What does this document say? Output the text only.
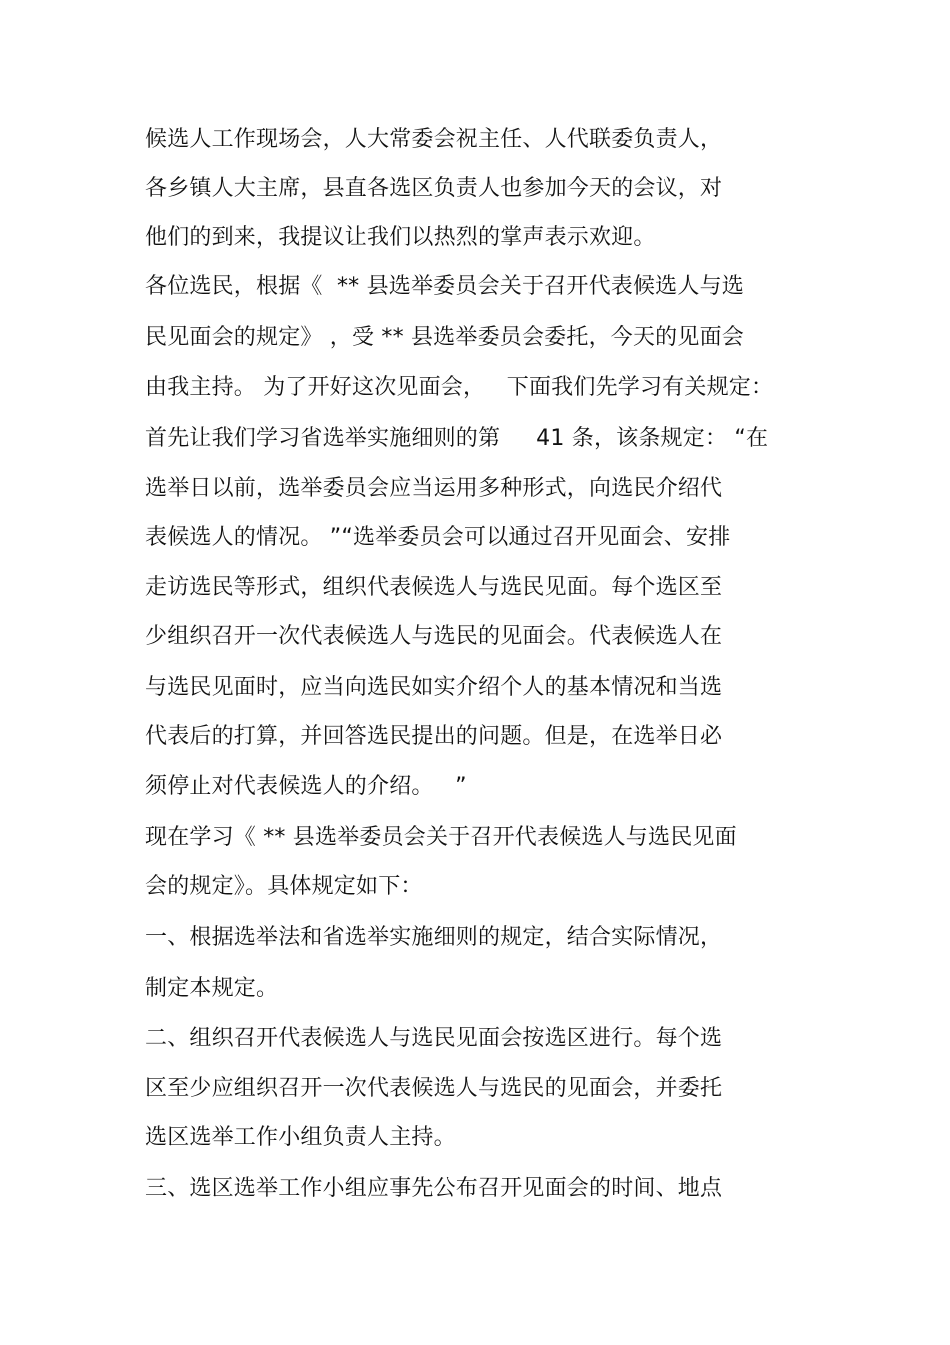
候选人工作现场会，人大常委会祝主任、人代联委负责人，
各乡镇人大主席，县直各选区负责人也参加今天的会议，对
他们的到来，我提议让我们以热烈的掌声表示欢迎。
各位选民，根据《  ** 县选举委员会关于召开代表候选人与选
民见面会的规定》 ，受 ** 县选举委员会委托，今天的见面会
由我主持。 为了开好这次见面会，   下面我们先学习有关规定：
首先让我们学习省选举实施细则的第     41 条，该条规定： “在
选举日以前，选举委员会应当运用多种形式，向选民介绍代
表候选人的情况。 ”“选举委员会可以通过召开见面会、安排
走访选民等形式，组织代表候选人与选民见面。每个选区至
少组织召开一次代表候选人与选民的见面会。代表候选人在
与选民见面时，应当向选民如实介绍个人的基本情况和当选
代表后的打算，并回答选民提出的问题。但是，在选举日必
须停止对代表候选人的介绍。   ”
现在学习《 ** 县选举委员会关于召开代表候选人与选民见面
会的规定》。具体规定如下：
一、根据选举法和省选举实施细则的规定，结合实际情况，
制定本规定。
二、组织召开代表候选人与选民见面会按选区进行。每个选
区至少应组织召开一次代表候选人与选民的见面会，并委托
选区选举工作小组负责人主持。
三、选区选举工作小组应事先公布召开见面会的时间、地点
